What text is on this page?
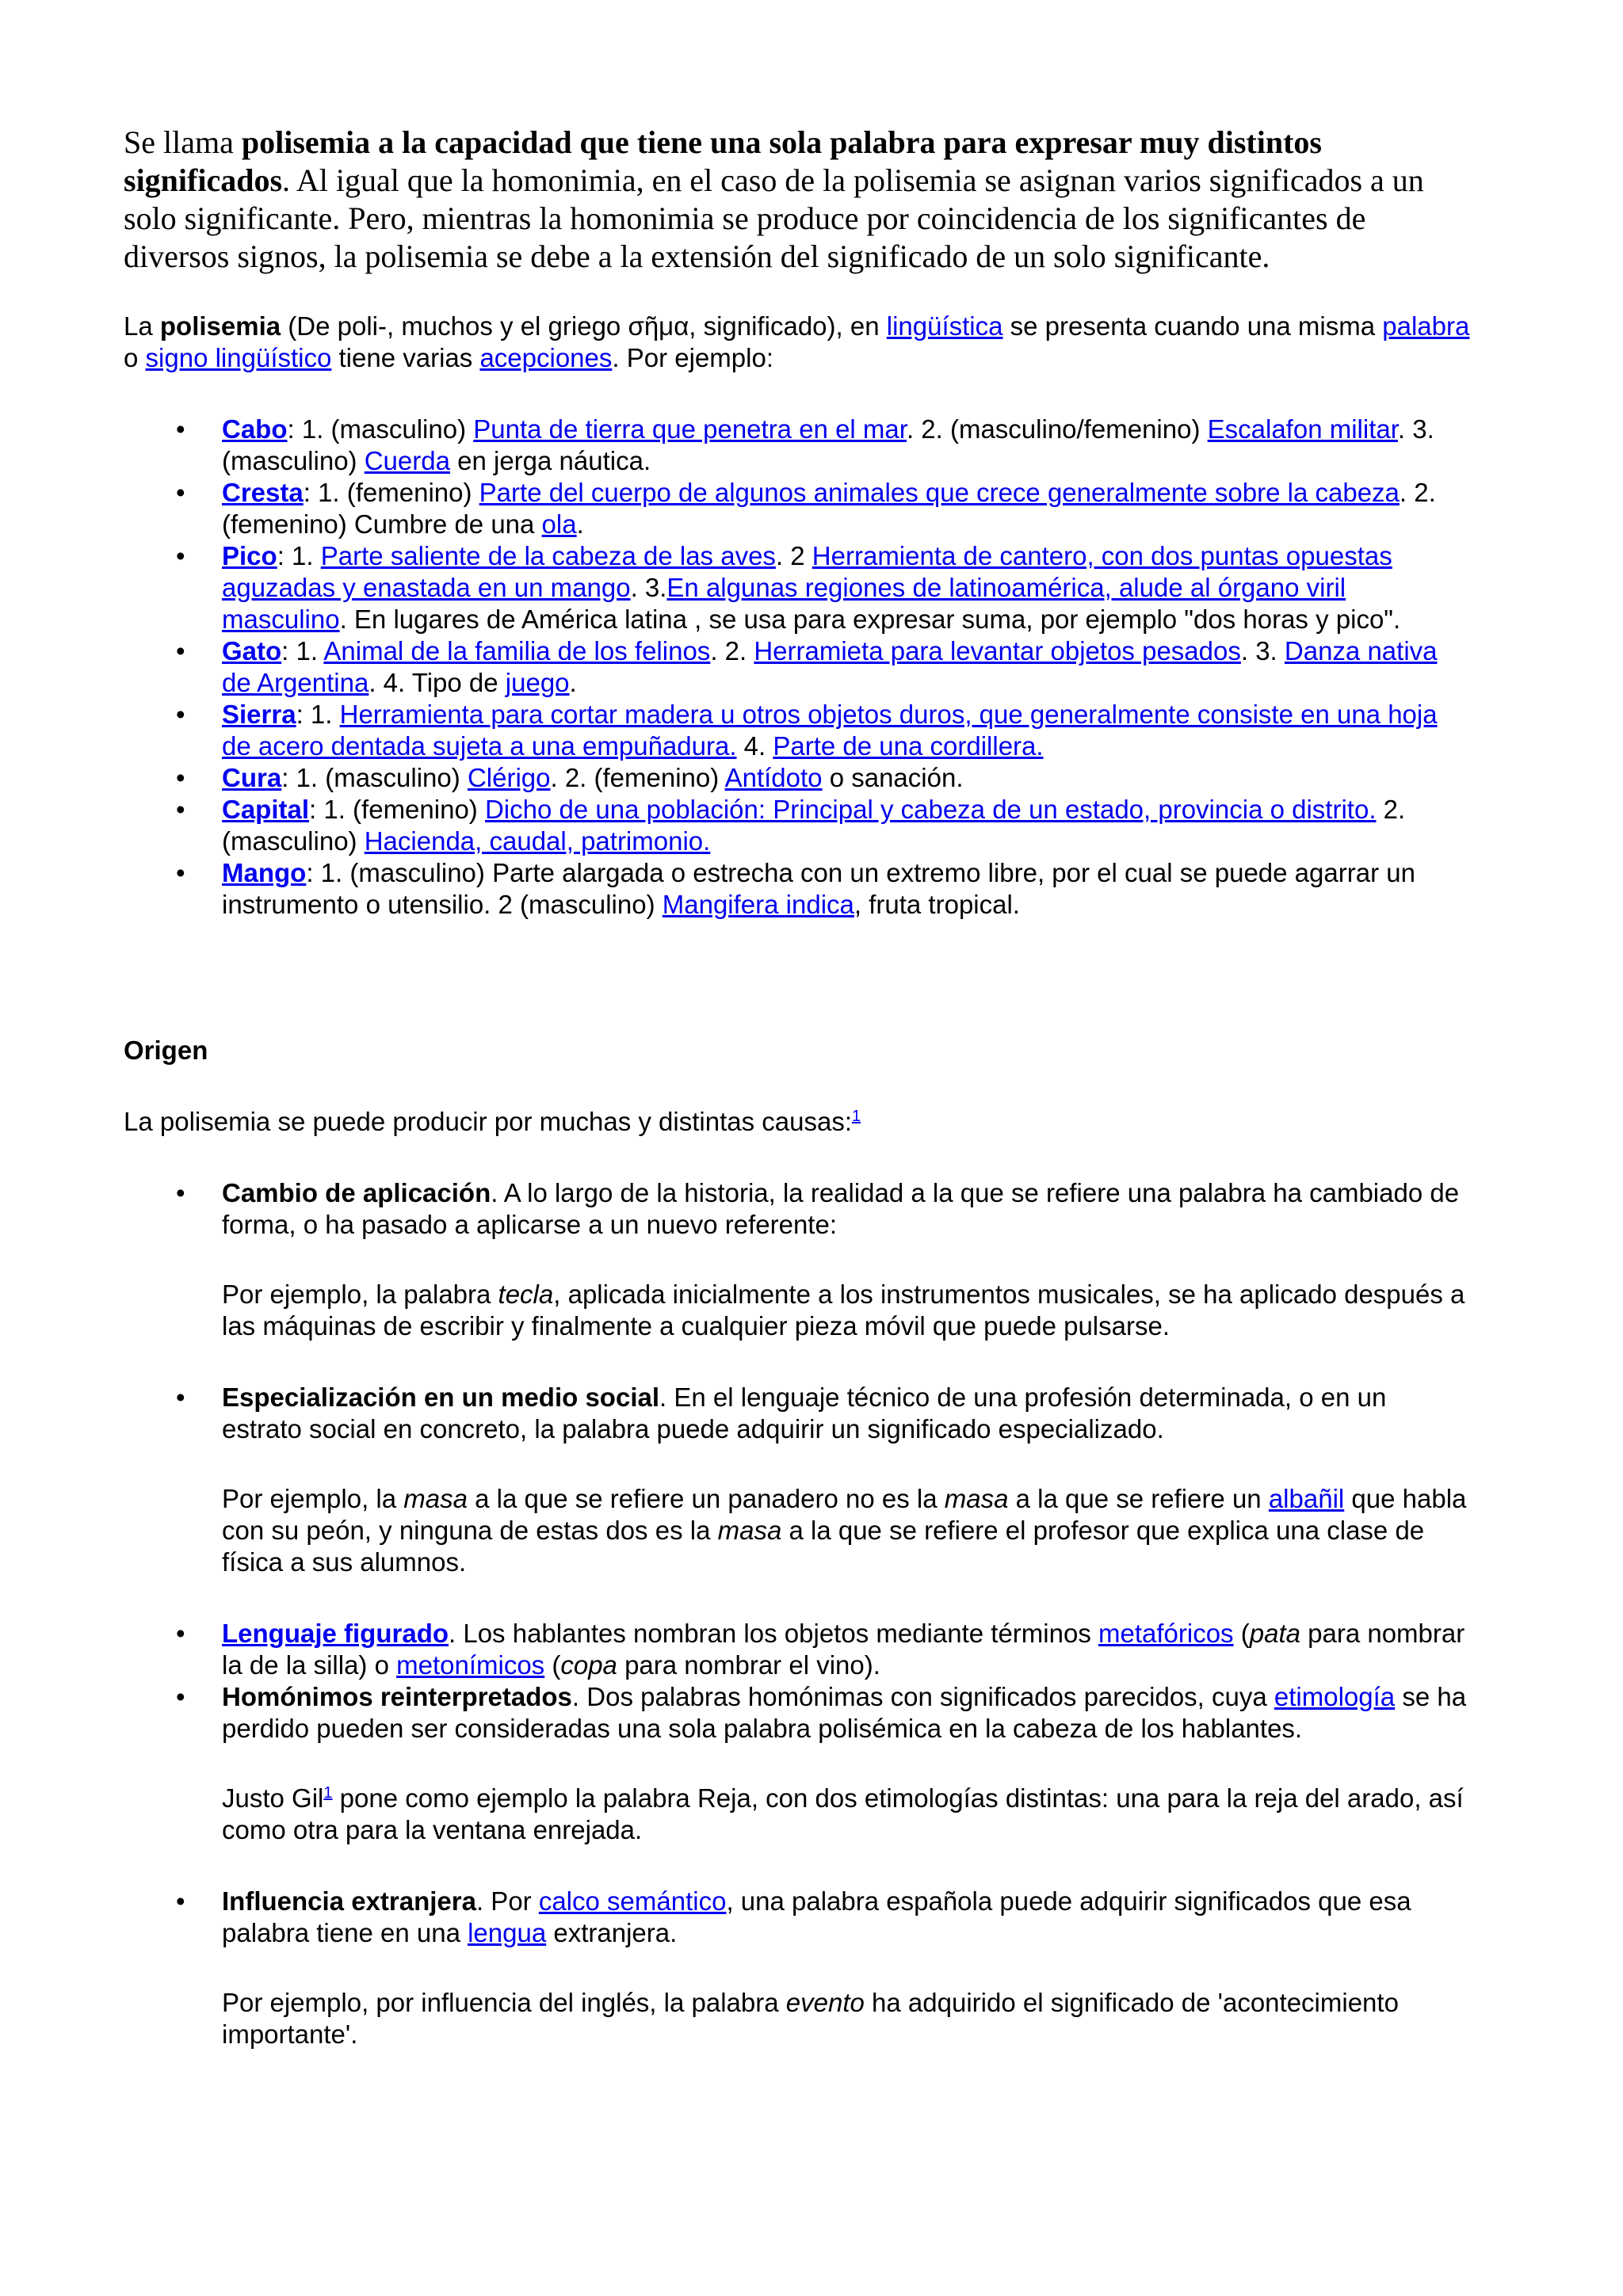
Se llama polisemia a la capacidad que tiene una sola palabra para expresar muy distintos significados. Al igual que la homonimia, en el caso de la polisemia se asignan varios significados a un solo significante. Pero, mientras la homonimia se produce por coincidencia de los significantes de diversos signos, la polisemia se debe a la extensión del significado de un solo significante.

La polisemia (De poli-, muchos y el griego σῆμα, significado), en lingüística se presenta cuando una misma palabra o signo lingüístico tiene varias acepciones. Por ejemplo:

• Cabo: 1. (masculino) Punta de tierra que penetra en el mar. 2. (masculino/femenino) Escalafon militar. 3. (masculino) Cuerda en jerga náutica.
• Cresta: 1. (femenino) Parte del cuerpo de algunos animales que crece generalmente sobre la cabeza. 2. (femenino) Cumbre de una ola.
• Pico: 1. Parte saliente de la cabeza de las aves. 2 Herramienta de cantero, con dos puntas opuestas aguzadas y enastada en un mango. 3.En algunas regiones de latinoamérica, alude al órgano viril masculino. En lugares de América latina , se usa para expresar suma, por ejemplo "dos horas y pico".
• Gato: 1. Animal de la familia de los felinos. 2. Herramieta para levantar objetos pesados. 3. Danza nativa de Argentina. 4. Tipo de juego.
• Sierra: 1. Herramienta para cortar madera u otros objetos duros, que generalmente consiste en una hoja de acero dentada sujeta a una empuñadura. 4. Parte de una cordillera.
• Cura: 1. (masculino) Clérigo. 2. (femenino) Antídoto o sanación.
• Capital: 1. (femenino) Dicho de una población: Principal y cabeza de un estado, provincia o distrito. 2. (masculino) Hacienda, caudal, patrimonio.
• Mango: 1. (masculino) Parte alargada o estrecha con un extremo libre, por el cual se puede agarrar un instrumento o utensilio. 2 (masculino) Mangifera indica, fruta tropical.
Origen

La polisemia se puede producir por muchas y distintas causas:$^1$

• Cambio de aplicación. A lo largo de la historia, la realidad a la que se refiere una palabra ha cambiado de forma, o ha pasado a aplicarse a un nuevo referente:
Por ejemplo, la palabra tecla, aplicada inicialmente a los instrumentos musicales, se ha aplicado después a las máquinas de escribir y finalmente a cualquier pieza móvil que puede pulsarse.
• Especialización en un medio social. En el lenguaje técnico de una profesión determinada, o en un estrato social en concreto, la palabra puede adquirir un significado especializado.
Por ejemplo, la masa a la que se refiere un panadero no es la masa a la que se refiere un albañil que habla con su peón, y ninguna de estas dos es la masa a la que se refiere el profesor que explica una clase de física a sus alumnos.
• Lenguaje figurado. Los hablantes nombran los objetos mediante términos metafóricos (pata para nombrar la de la silla) o metonímicos (copa para nombrar el vino).
• Homónimos reinterpretados. Dos palabras homónimas con significados parecidos, cuya etimología se ha perdido pueden ser consideradas una sola palabra polisémica en la cabeza de los hablantes.
Justo Gil$^1$ pone como ejemplo la palabra Reja, con dos etimologías distintas: una para la reja del arado, así como otra para la ventana enrejada.
• Influencia extranjera. Por calco semántico, una palabra española puede adquirir significados que esa palabra tiene en una lengua extranjera.
Por ejemplo, por influencia del inglés, la palabra evento ha adquirido el significado de 'acontecimiento importante'.
